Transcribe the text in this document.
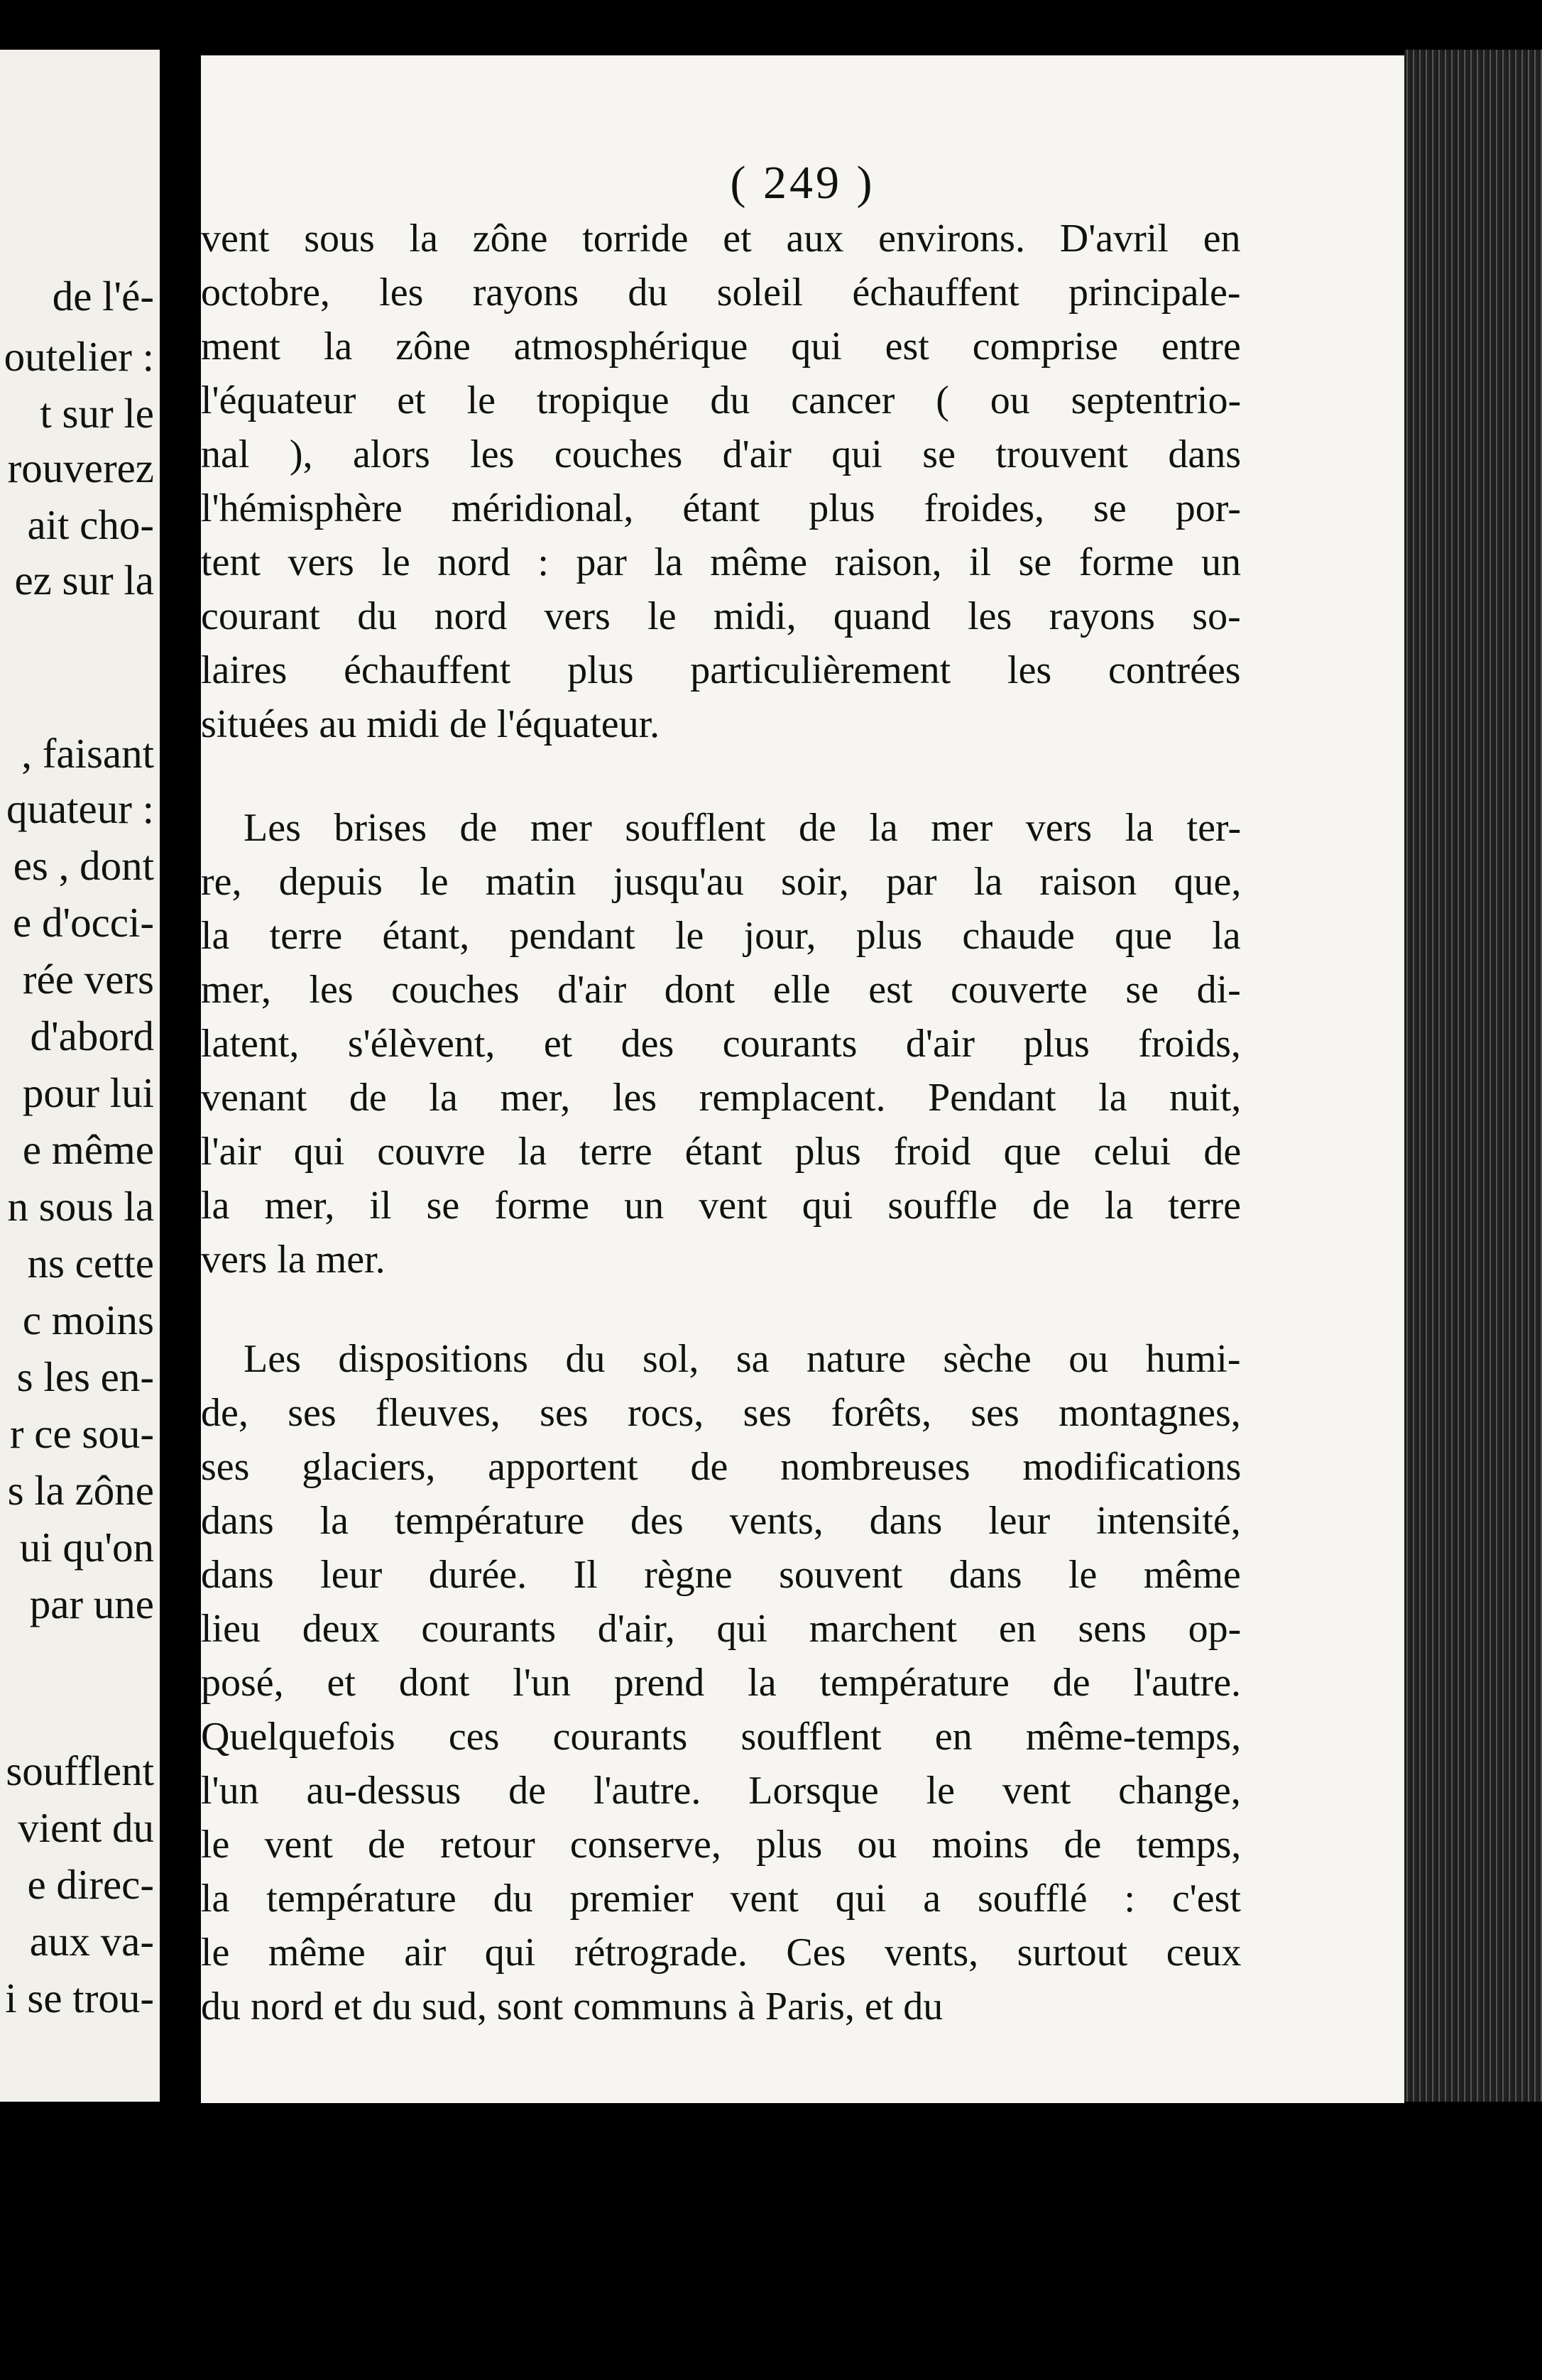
de l'é-
outelier :
t sur le
rouverez
ait cho-
ez sur la
, faisant
quateur :
es , dont
e d'occi-
rée vers
d'abord
pour lui
e même
n sous la
ns cette
c moins
s les en-
r ce sou-
s la zône
ui qu'on
par une
soufflent
vient du
e direc-
aux va-
i se trou-
( 249 )
vent sous la zône torride et aux environs. D'avril en
octobre, les rayons du soleil échauffent principale-
ment la zône atmosphérique qui est comprise entre
l'équateur et le tropique du cancer ( ou septentrio-
nal ), alors les couches d'air qui se trouvent dans
l'hémisphère méridional, étant plus froides, se por-
tent vers le nord : par la même raison, il se forme un
courant du nord vers le midi, quand les rayons so-
laires échauffent plus particulièrement les contrées
situées au midi de l'équateur.
Les brises de mer soufflent de la mer vers la ter-
re, depuis le matin jusqu'au soir, par la raison que,
la terre étant, pendant le jour, plus chaude que la
mer, les couches d'air dont elle est couverte se di-
latent, s'élèvent, et des courants d'air plus froids,
venant de la mer, les remplacent. Pendant la nuit,
l'air qui couvre la terre étant plus froid que celui de
la mer, il se forme un vent qui souffle de la terre
vers la mer.
Les dispositions du sol, sa nature sèche ou humi-
de, ses fleuves, ses rocs, ses forêts, ses montagnes,
ses glaciers, apportent de nombreuses modifications
dans la température des vents, dans leur intensité,
dans leur durée. Il règne souvent dans le même
lieu deux courants d'air, qui marchent en sens op-
posé, et dont l'un prend la température de l'autre.
Quelquefois ces courants soufflent en même-temps,
l'un au-dessus de l'autre. Lorsque le vent change,
le vent de retour conserve, plus ou moins de temps,
la température du premier vent qui a soufflé : c'est
le même air qui rétrograde. Ces vents, surtout ceux
du nord et du sud, sont communs à Paris, et du
